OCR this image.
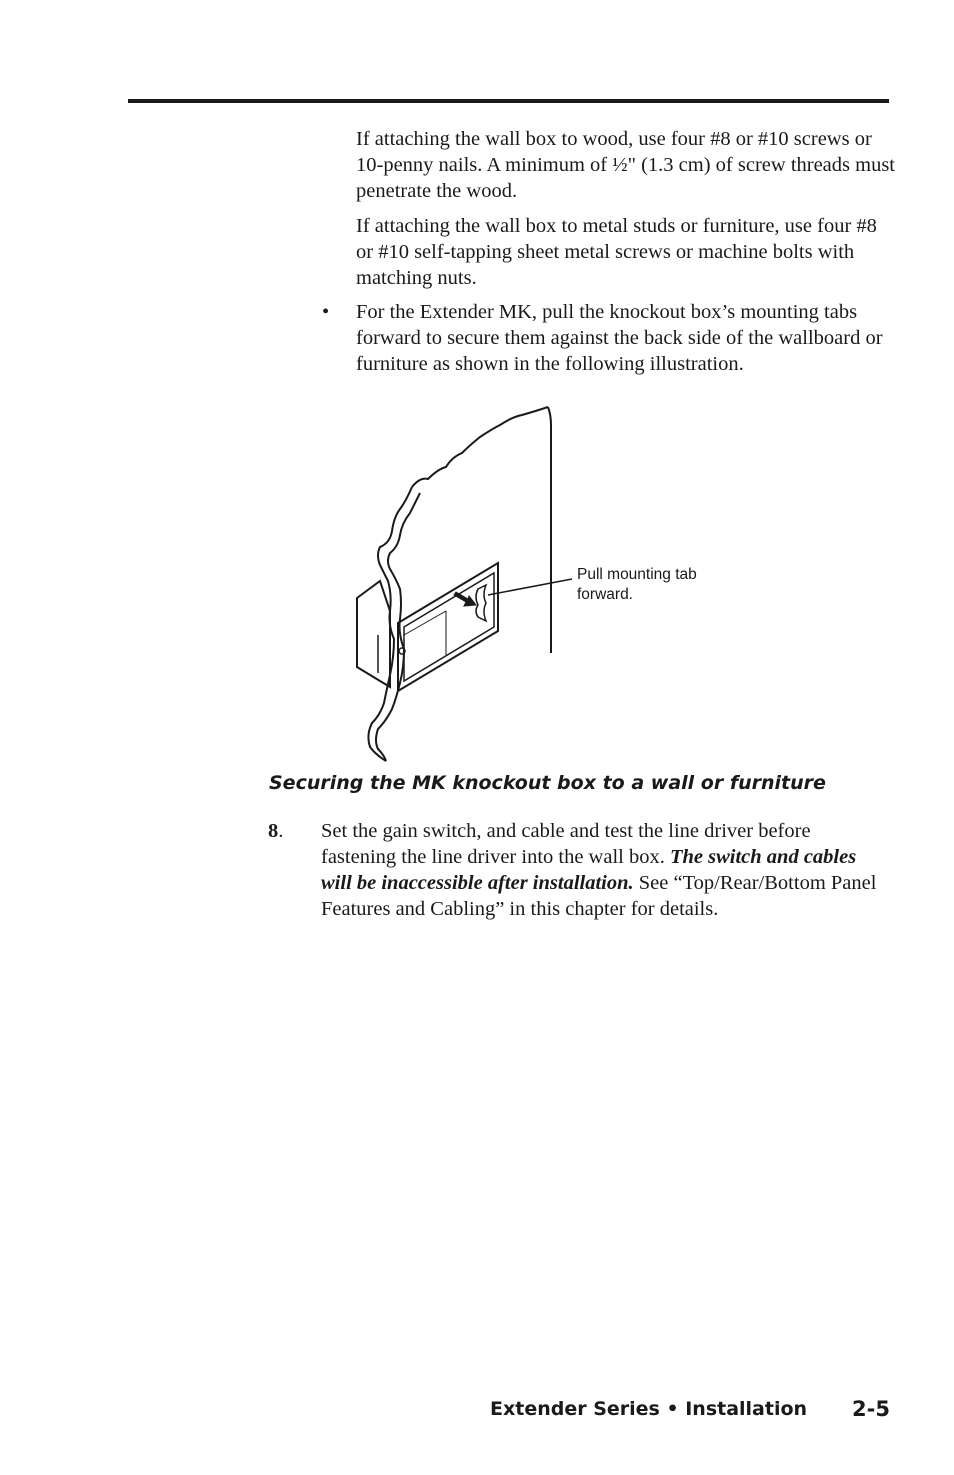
If attaching the wall box to wood, use four #8 or #10 screws or 10-penny nails. A minimum of ½" (1.3 cm) of screw threads must penetrate the wood.

If attaching the wall box to metal studs or furniture, use four #8 or #10 self-tapping sheet metal screws or machine bolts with matching nuts.

• For the Extender MK, pull the knockout box’s mounting tabs forward to secure them against the back side of the wallboard or furniture as shown in the following illustration.

Pull mounting tab
forward.
Securing the MK knockout box to a wall or furniture
8. Set the gain switch, and cable and test the line driver before fastening the line driver into the wall box. The switch and cables will be inaccessible after installation. See “Top/Rear/Bottom Panel Features and Cabling” in this chapter for details.

Extender Series • Installation 2-5
